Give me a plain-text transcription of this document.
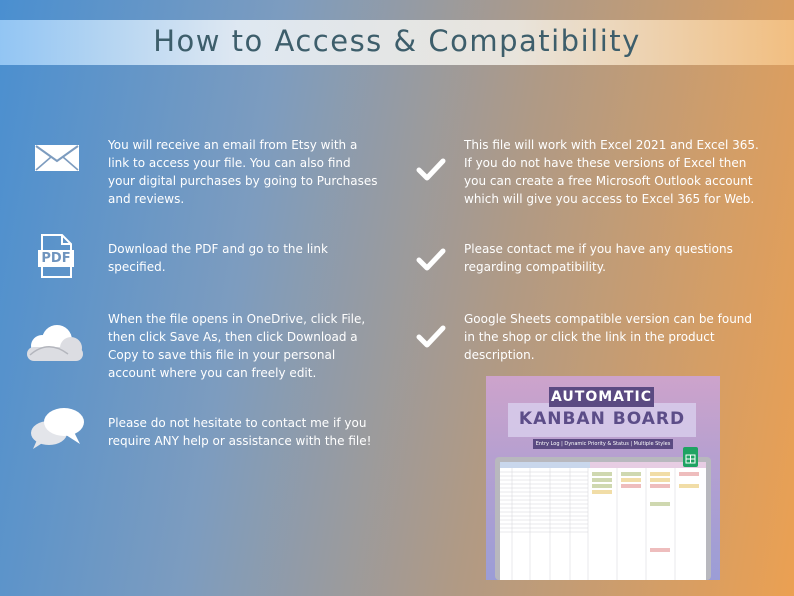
How to Access & Compatibility

You will receive an email from Etsy with a link to access your file. You can also find your digital purchases by going to Purchases and reviews.

PDF

Download the PDF and go to the link specified.

When the file opens in OneDrive, click File, then click Save As, then click Download a Copy to save this file in your personal account where you can freely edit.

Please do not hesitate to contact me if you require ANY help or assistance with the file!

This file will work with Excel 2021 and Excel 365. If you do not have these versions of Excel then you can create a free Microsoft Outlook account which will give you access to Excel 365 for Web.

Please contact me if you have any questions regarding compatibility.

Google Sheets compatible version can be found in the shop or click the link in the product description.

KANBAN BOARD
AUTOMATIC
Entry Log | Dynamic Priority & Status | Multiple Styles
